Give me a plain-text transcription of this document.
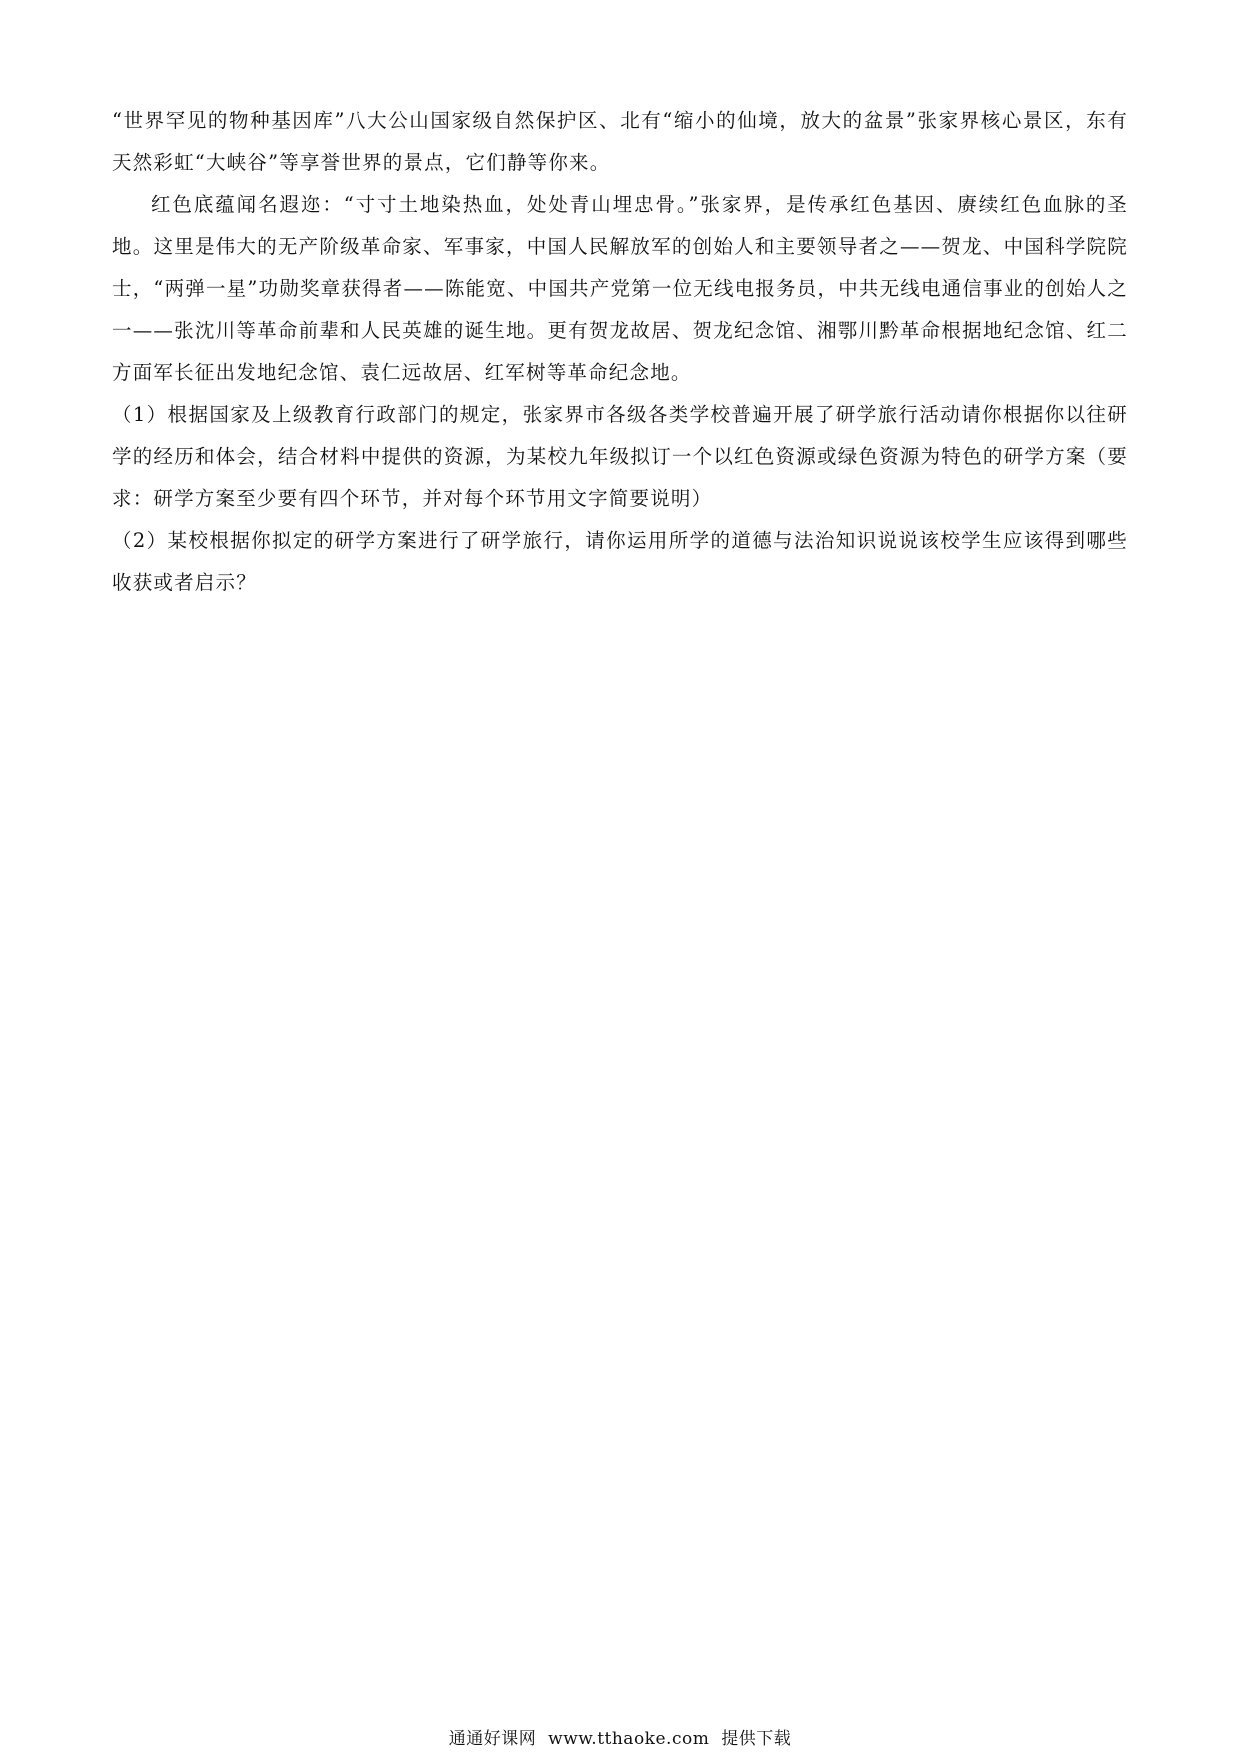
“世界罕见的物种基因库”八大公山国家级自然保护区、北有“缩小的仙境，放大的盆景”张家界核心景区，东有天然彩虹“大峡谷”等享誉世界的景点，它们静等你来。

红色底蕴闻名遐迩：“寸寸土地染热血，处处青山埋忠骨。”张家界，是传承红色基因、赓续红色血脉的圣地。这里是伟大的无产阶级革命家、军事家，中国人民解放军的创始人和主要领导者之——贺龙、中国科学院院士，“两弹一星”功勋奖章获得者——陈能宽、中国共产党第一位无线电报务员，中共无线电通信事业的创始人之一——张沈川等革命前辈和人民英雄的诞生地。更有贺龙故居、贺龙纪念馆、湘鄂川黔革命根据地纪念馆、红二方面军长征出发地纪念馆、袁仁远故居、红军树等革命纪念地。

（1）根据国家及上级教育行政部门的规定，张家界市各级各类学校普遍开展了研学旅行活动请你根据你以往研学的经历和体会，结合材料中提供的资源，为某校九年级拟订一个以红色资源或绿色资源为特色的研学方案（要求：研学方案至少要有四个环节，并对每个环节用文字简要说明）

（2）某校根据你拟定的研学方案进行了研学旅行，请你运用所学的道德与法治知识说说该校学生应该得到哪些收获或者启示？

通通好课网 www.tthaoke.com 提供下载
